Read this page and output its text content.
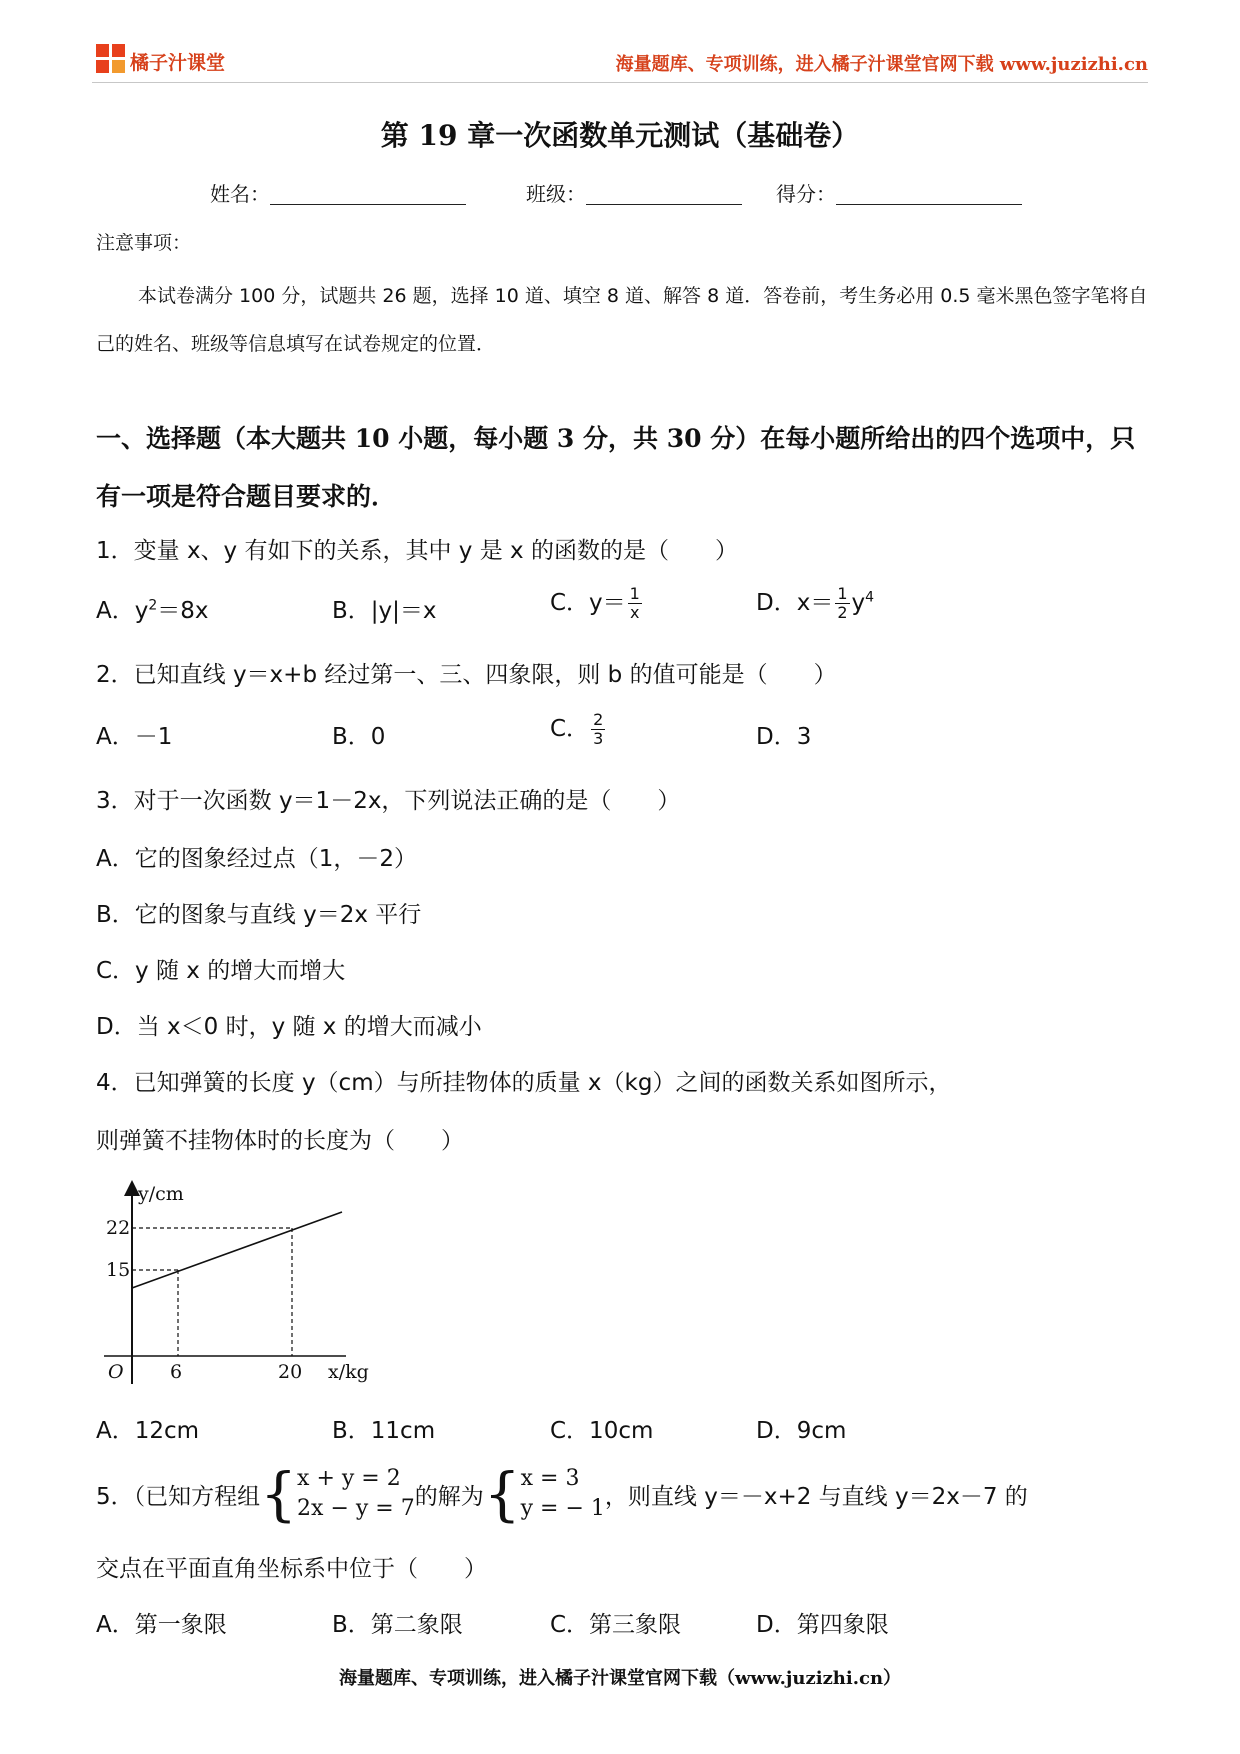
橘子汁课堂	海量题库、专项训练，进入橘子汁课堂官网下载 www.juzizhi.cn
第 19 章一次函数单元测试（基础卷）
姓名：	班级：	得分：
注意事项：
本试卷满分 100 分，试题共 26 题，选择 10 道、填空 8 道、解答 8 道．答卷前，考生务必用 0.5 毫米黑色签字笔将自己的姓名、班级等信息填写在试卷规定的位置．
一、选择题（本大题共 10 小题，每小题 3 分，共 30 分）在每小题所给出的四个选项中，只有一项是符合题目要求的．
1．变量 x、y 有如下的关系，其中 y 是 x 的函数的是（　　）
A．$y^2=8x$	B．|y|＝x	C．$y= \frac{1}{x}$	D．$x= \frac{1}{2} y^4$
2．已知直线 y＝x+b 经过第一、三、四象限，则 b 的值可能是（　　）
A．－1	B．0	C． $\frac{2}{3}$	D．3
3．对于一次函数 y＝1－2x，下列说法正确的是（　　）
A．它的图象经过点（1，－2）
B．它的图象与直线 y＝2x 平行
C．y 随 x 的增大而增大
D．当 x＜0 时，y 随 x 的增大而减小
4．已知弹簧的长度 y（cm）与所挂物体的质量 x（kg）之间的函数关系如图所示，
则弹簧不挂物体时的长度为（　　）
y/cm
x/kg
O
22
15
6	20
A．12cm	B．11cm	C．10cm	D．9cm
5．（已知方程组 { x + y = 2
2x − y = 7 的解为 { x = 3
y = − 1 ，则直线 y＝－x+2 与直线 y＝2x－7 的
交点在平面直角坐标系中位于（　　）
A．第一象限	B．第二象限	C．第三象限	D．第四象限
海量题库、专项训练，进入橘子汁课堂官网下载（www.juzizhi.cn）
